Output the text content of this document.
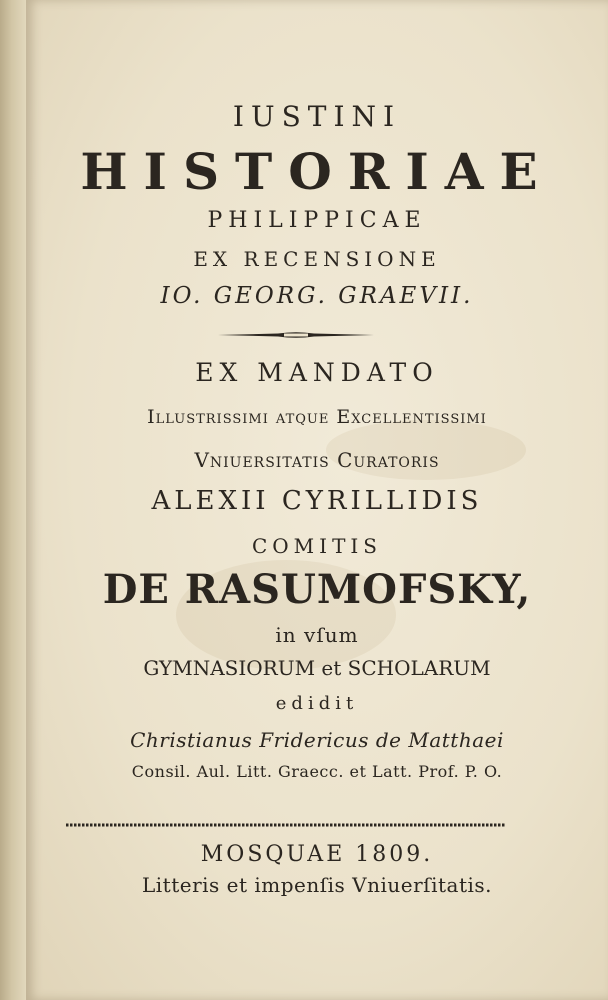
IUSTINI
HISTORIAE
PHILIPPICAE
EX RECENSIONE
IO. GEORG. GRAEVII.
EX MANDATO
Illustrissimi atque Excellentissimi
Vniuersitatis Curatoris
ALEXII CYRILLIDIS
COMITIS
DE RASUMOFSKY,
in vſum
GYMNASIORUM et SCHOLARUM
edidit
Christianus Fridericus de Matthaei
Consil. Aul. Litt. Graecc. et Latt. Prof. P. O.
MOSQUAE 1809.
Litteris et impenſis Vniuerſitatis.
